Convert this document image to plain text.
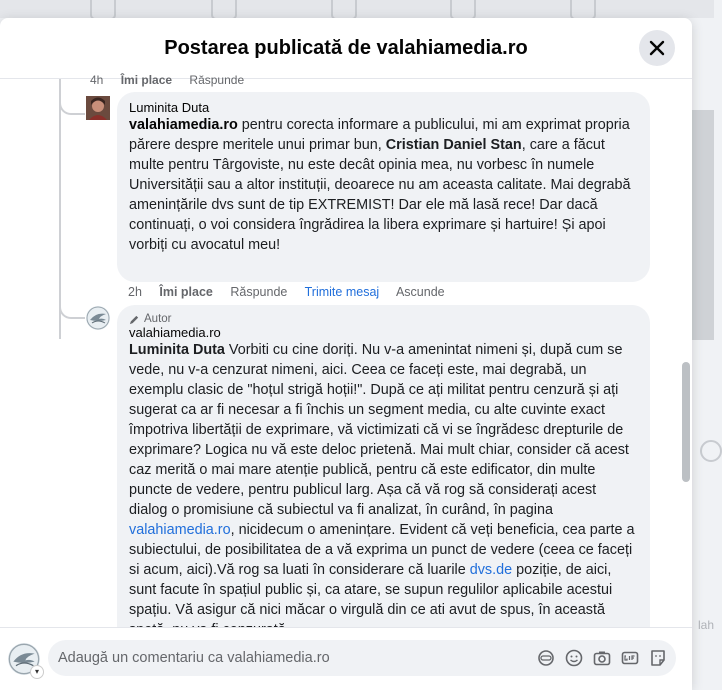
lah
Postarea publicată de valahiamedia.ro
4h Îmi place Răspunde
Luminita Duta
valahiamedia.ro pentru corecta informare a publicului, mi am exprimat propria părere despre meritele unui primar bun, Cristian Daniel Stan, care a făcut multe pentru Târgoviste, nu este decât opinia mea, nu vorbesc în numele Universității sau a altor instituții, deoarece nu am aceasta calitate. Mai degrabă amenințările dvs sunt de tip EXTREMIST! Dar ele mă lasă rece! Dar dacă continuați, o voi considera îngrădirea la libera exprimare și hartuire! Și apoi vorbiți cu avocatul meu!
2h Îmi place Răspunde Trimite mesaj Ascunde
Autor
valahiamedia.ro
Luminita Duta Vorbiti cu cine doriți. Nu v-a amenintat nimeni și, după cum se vede, nu v-a cenzurat nimeni, aici. Ceea ce faceți este, mai degrabă, un exemplu clasic de "hoțul strigă hoții!". După ce ați militat pentru cenzură și ați sugerat ca ar fi necesar a fi închis un segment media, cu alte cuvinte exact împotriva libertății de exprimare, vă victimizati că vi se îngrădesc drepturile de exprimare? Logica nu vă este deloc prietenă. Mai mult chiar, consider că acest caz merită o mai mare atenție publică, pentru că este edificator, din multe puncte de vedere, pentru publicul larg. Așa că vă rog să considerați acest dialog o promisiune că subiectul va fi analizat, în curând, în pagina valahiamedia.ro, nicidecum o amenințare. Evident că veți beneficia, cea parte a subiectului, de posibilitatea de a vă exprima un punct de vedere (ceea ce faceți si acum, aici).Vă rog sa luati în considerare că luarile dvs.de poziție, de aici, sunt facute în spațiul public și, ca atare, se supun regulilor aplicabile acestui spațiu. Vă asigur că nici măcar o virgulă din ce ati avut de spus, în această
▾
Adaugă un comentariu ca valahiamedia.ro
